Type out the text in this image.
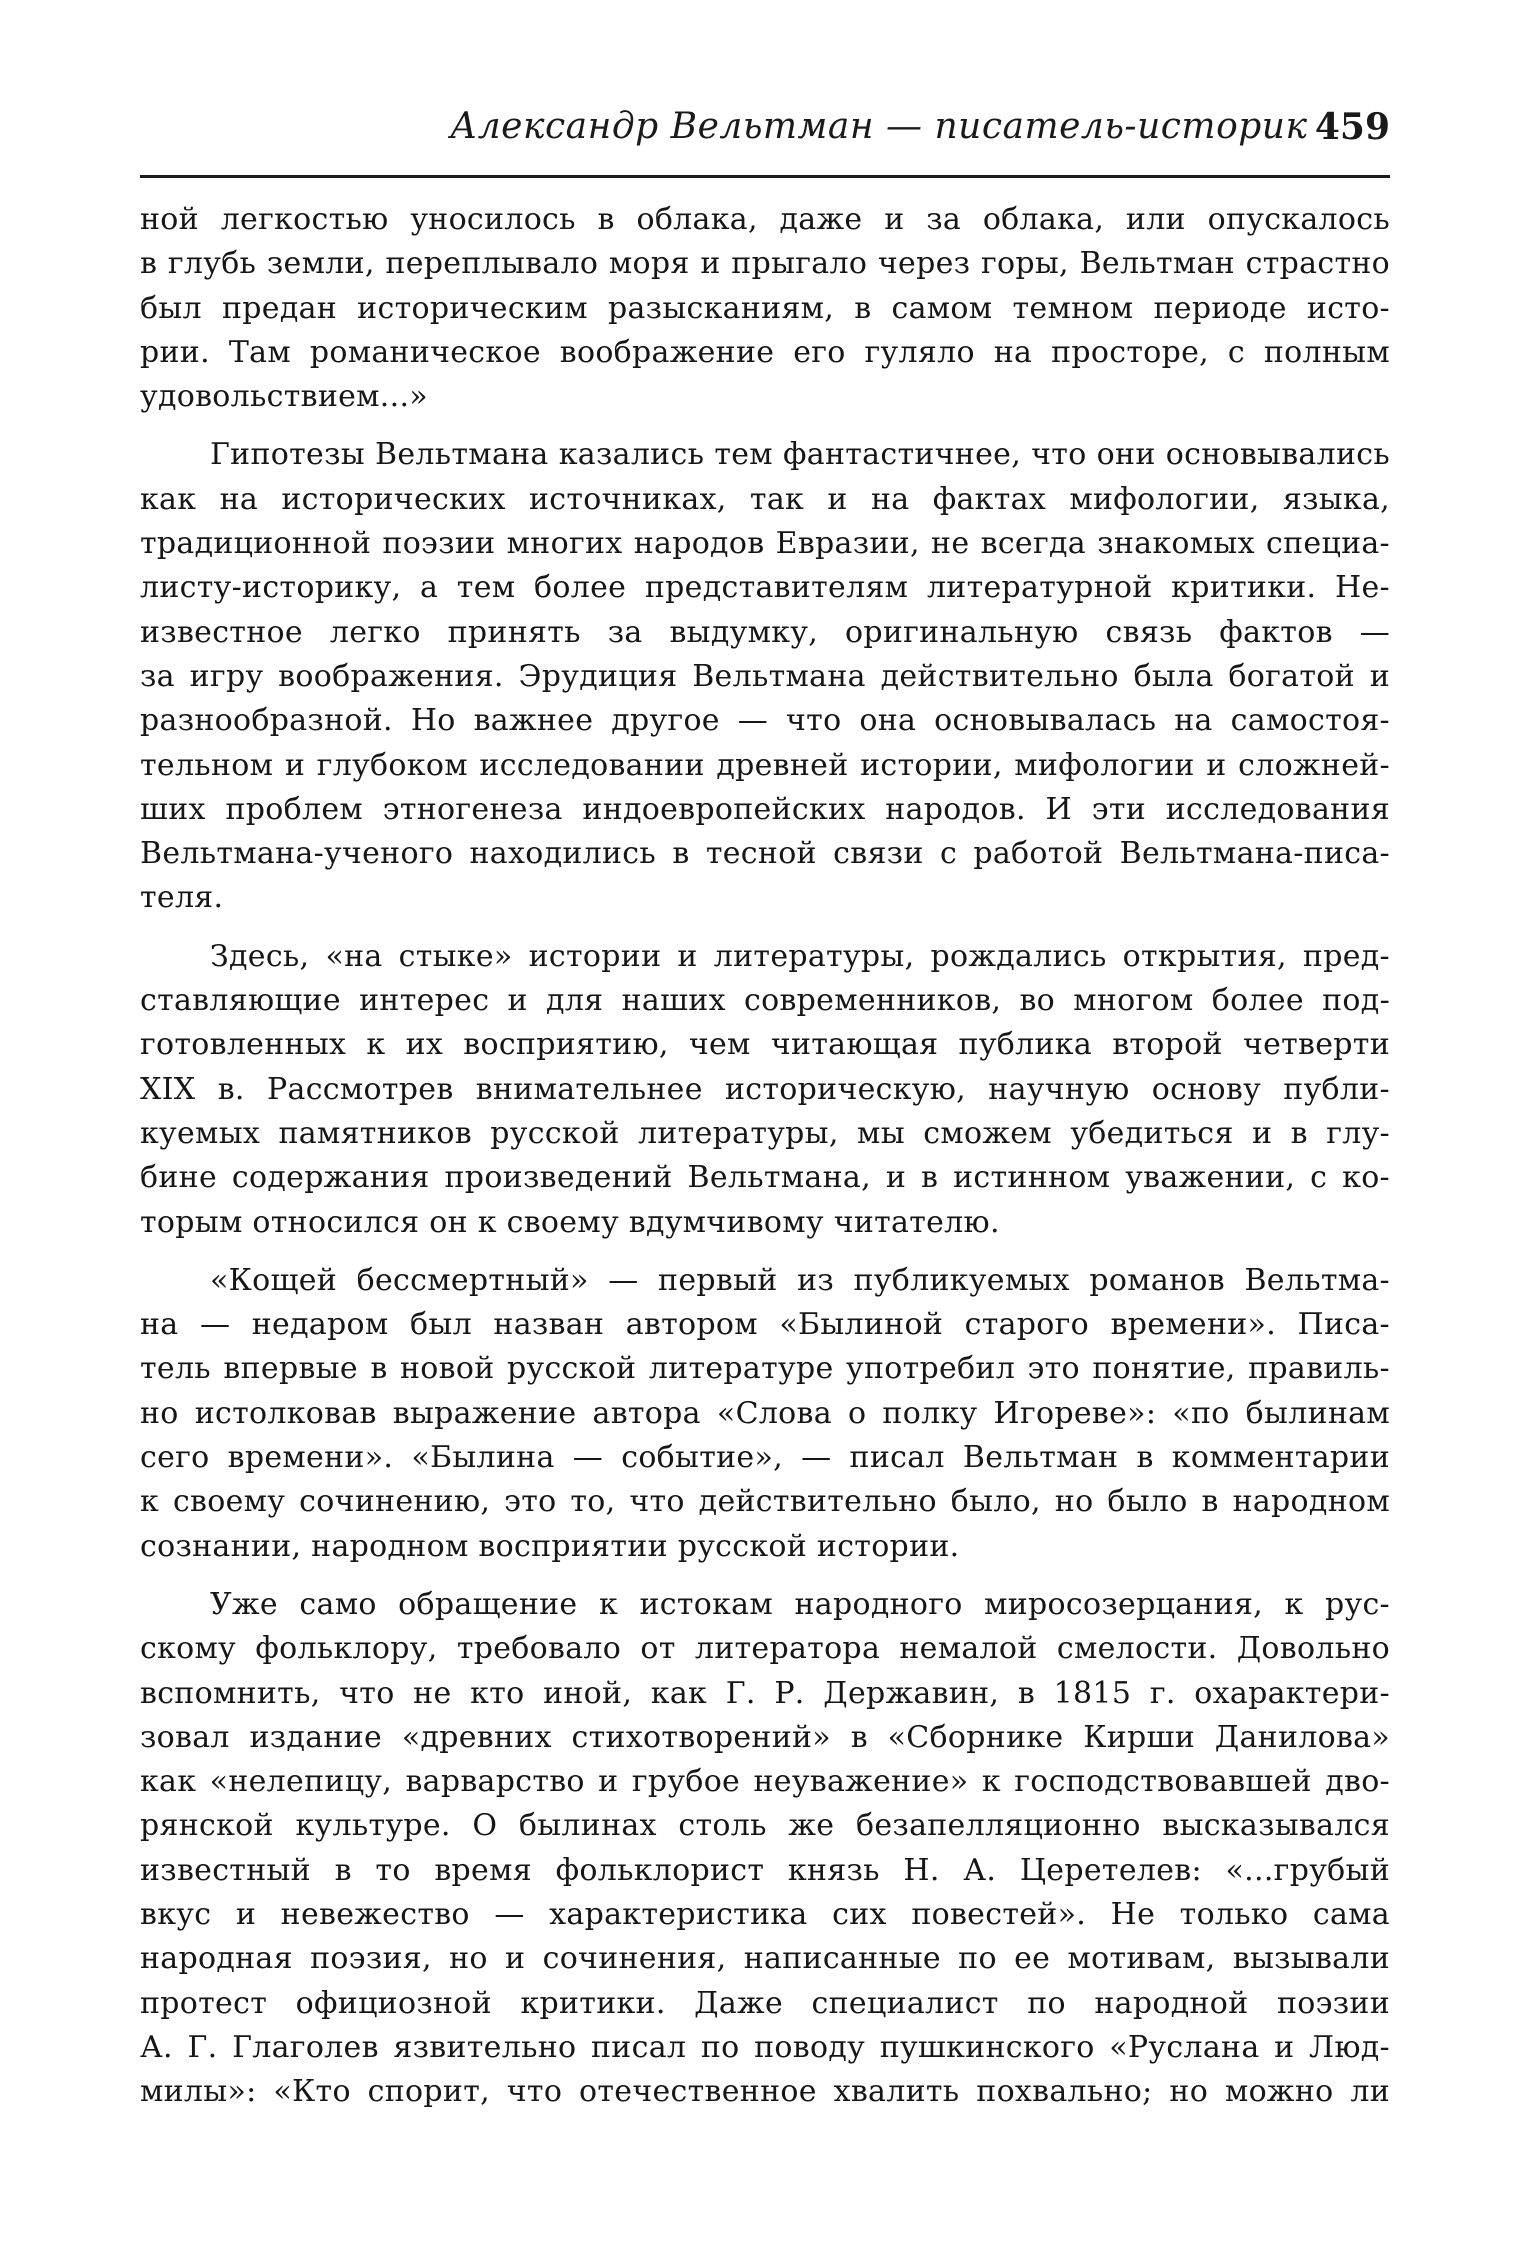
Александр Вельтман — писатель-историк 459
ной легкостью уносилось в облака, даже и за облака, или опускалось
в глубь земли, переплывало моря и прыгало через горы, Вельтман страстно
был предан историческим разысканиям, в самом темном периоде исто-
рии. Там романическое воображение его гуляло на просторе, с полным
удовольствием...»
Гипотезы Вельтмана казались тем фантастичнее, что они основывались
как на исторических источниках, так и на фактах мифологии, языка,
традиционной поэзии многих народов Евразии, не всегда знакомых специа-
листу-историку, а тем более представителям литературной критики. Не-
известное легко принять за выдумку, оригинальную связь фактов —
за игру воображения. Эрудиция Вельтмана действительно была богатой и
разнообразной. Но важнее другое — что она основывалась на самостоя-
тельном и глубоком исследовании древней истории, мифологии и сложней-
ших проблем этногенеза индоевропейских народов. И эти исследования
Вельтмана-ученого находились в тесной связи с работой Вельтмана-писа-
теля.
Здесь, «на стыке» истории и литературы, рождались открытия, пред-
ставляющие интерес и для наших современников, во многом более под-
готовленных к их восприятию, чем читающая публика второй четверти
XIX в. Рассмотрев внимательнее историческую, научную основу публи-
куемых памятников русской литературы, мы сможем убедиться и в глу-
бине содержания произведений Вельтмана, и в истинном уважении, с ко-
торым относился он к своему вдумчивому читателю.
«Кощей бессмертный» — первый из публикуемых романов Вельтма-
на — недаром был назван автором «Былиной старого времени». Писа-
тель впервые в новой русской литературе употребил это понятие, правиль-
но истолковав выражение автора «Слова о полку Игореве»: «по былинам
сего времени». «Былина — событие», — писал Вельтман в комментарии
к своему сочинению, это то, что действительно было, но было в народном
сознании, народном восприятии русской истории.
Уже само обращение к истокам народного миросозерцания, к рус-
скому фольклору, требовало от литератора немалой смелости. Довольно
вспомнить, что не кто иной, как Г. Р. Державин, в 1815 г. охарактери-
зовал издание «древних стихотворений» в «Сборнике Кирши Данилова»
как «нелепицу, варварство и грубое неуважение» к господствовавшей дво-
рянской культуре. О былинах столь же безапелляционно высказывался
известный в то время фольклорист князь Н. А. Церетелев: «...грубый
вкус и невежество — характеристика сих повестей». Не только сама
народная поэзия, но и сочинения, написанные по ее мотивам, вызывали
протест официозной критики. Даже специалист по народной поэзии
А. Г. Глаголев язвительно писал по поводу пушкинского «Руслана и Люд-
милы»: «Кто спорит, что отечественное хвалить похвально; но можно ли
